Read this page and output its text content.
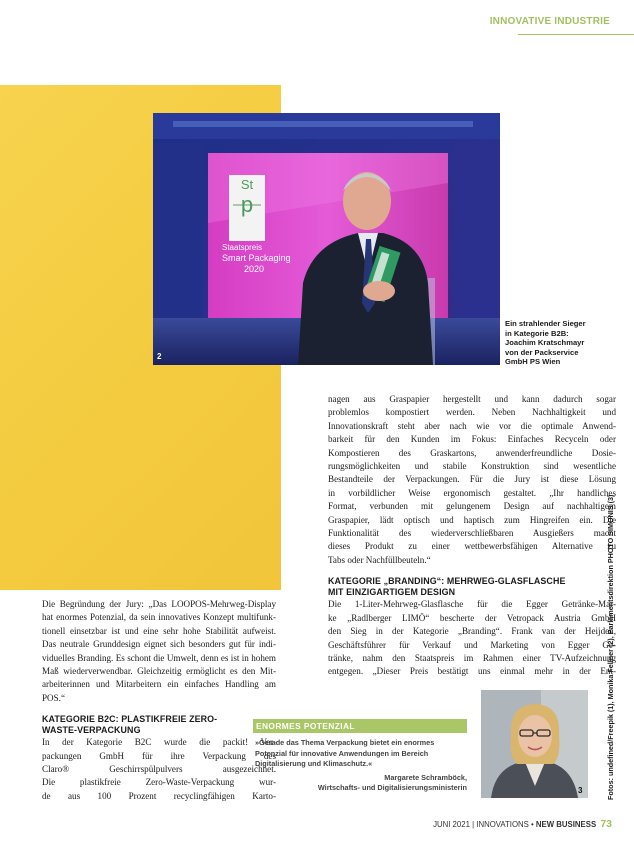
INNOVATIVE INDUSTRIE
St
p
Staatspreis
Smart Packaging
2020
2
Ein strahlender Sieger
in Kategorie B2B:
Joachim Kratschmayr
von der Packservice
GmbH PS Wien

nagen aus Graspapier hergestellt und kann dadurch sogar
problemlos kompostiert werden. Neben Nachhaltigkeit und
Innovationskraft steht aber nach wie vor die optimale Anwend-
barkeit für den Kunden im Fokus: Einfaches Recyceln oder
Kompostieren des Graskartons, anwenderfreundliche Dosie-
rungsmöglichkeiten und stabile Konstruktion sind wesentliche
Bestandteile der Verpackungen. Für die Jury ist diese Lösung
in vorbildlicher Weise ergonomisch gestaltet. „Ihr handliches
Format, verbunden mit gelungenem Design auf nachhaltigem
Graspapier, lädt optisch und haptisch zum Hingreifen ein. Die
Funktionalität des wiederverschließbaren Ausgießers macht
dieses Produkt zu einer wettbewerbsfähigen Alternative zu
Tabs oder Nachfüllbeuteln.“

KATEGORIE „BRANDING“: MEHRWEG-GLASFLASCHE
MIT EINZIGARTIGEM DESIGN

Die 1-Liter-Mehrweg-Glasflasche für die Egger Getränke-Mar-
ke „Radlberger LIMÖ“ bescherte der Vetropack Austria GmbH
den Sieg in der Kategorie „Branding“. Frank van der Heijden,
Geschäftsführer für Verkauf und Marketing von Egger Ge-
tränke, nahm den Staatspreis im Rahmen einer TV-Aufzeichnung
entgegen. „Dieser Preis bestätigt uns einmal mehr in der Ent-

Die Begründung der Jury: „Das LOOPOS-Mehrweg-Display
hat enormes Potenzial, da sein innovatives Konzept multifunk-
tionell einsetzbar ist und eine sehr hohe Stabilität aufweist.
Das neutrale Grunddesign eignet sich besonders gut für indi-
viduelles Branding. Es schont die Umwelt, denn es ist in hohem
Maß wiederverwendbar. Gleichzeitig ermöglicht es den Mit-
arbeiterinnen und Mitarbeitern ein einfaches Handling am
POS.“

KATEGORIE B2C: PLASTIKFREIE ZERO-
WASTE-VERPACKUNG

In der Kategorie B2C wurde die packit! Ver-
packungen GmbH für ihre Verpackung des
Claro® Geschirrspülpulvers ausgezeichnet.
Die plastikfreie Zero-Waste-Verpackung wur-
de aus 100 Prozent recyclingfähigen Karto-

ENORMES POTENZIAL
»Gerade das Thema Verpackung bietet ein enormes
Potenzial für innovative Anwendungen im Bereich
Digitalisierung und Klimaschutz.«
Margarete Schramböck,
Wirtschafts- und Digitalisierungsministerin	3	Fotos: undefined/Freepik (1), Monika Fellner (2), Parlamentsdirektion PHOTO SIMONIS (3)
JUNI 2021 | INNOVATIONS • NEW BUSINESS 73
